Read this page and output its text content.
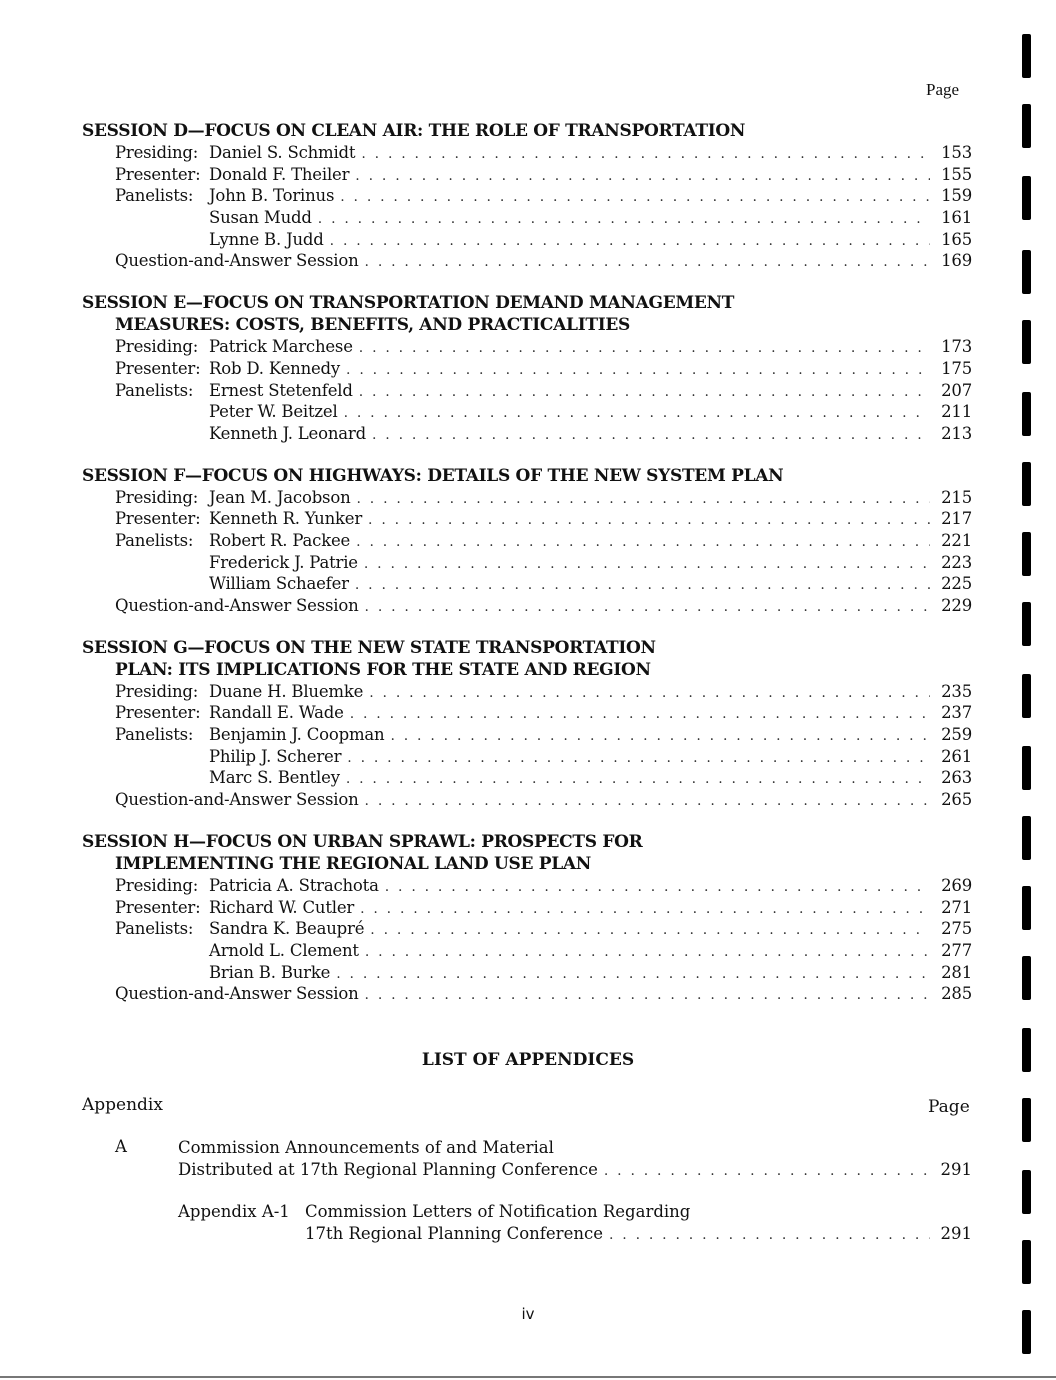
Page
SESSION D—FOCUS ON CLEAN AIR: THE ROLE OF TRANSPORTATION
Presiding: Daniel S. Schmidt . . .	153
Presenter: Donald F. Theiler . . .	155
Panelists: John B. Torinus . . .	159
Susan Mudd . . .	161
Lynne B. Judd . . .	165
Question-and-Answer Session . . .	169
SESSION E—FOCUS ON TRANSPORTATION DEMAND MANAGEMENT
MEASURES: COSTS, BENEFITS, AND PRACTICALITIES
Presiding: Patrick Marchese . . .	173
Presenter: Rob D. Kennedy . . .	175
Panelists: Ernest Stetenfeld . . .	207
Peter W. Beitzel . . .	211
Kenneth J. Leonard . . .	213
SESSION F—FOCUS ON HIGHWAYS: DETAILS OF THE NEW SYSTEM PLAN
Presiding: Jean M. Jacobson . . .	215
Presenter: Kenneth R. Yunker . . .	217
Panelists: Robert R. Packee . . .	221
Frederick J. Patrie . . .	223
William Schaefer . . .	225
Question-and-Answer Session . . .	229
SESSION G—FOCUS ON THE NEW STATE TRANSPORTATION
PLAN: ITS IMPLICATIONS FOR THE STATE AND REGION
Presiding: Duane H. Bluemke . . .	235
Presenter: Randall E. Wade . . .	237
Panelists: Benjamin J. Coopman . . .	259
Philip J. Scherer . . .	261
Marc S. Bentley . . .	263
Question-and-Answer Session . . .	265
SESSION H—FOCUS ON URBAN SPRAWL: PROSPECTS FOR
IMPLEMENTING THE REGIONAL LAND USE PLAN
Presiding: Patricia A. Strachota . . .	269
Presenter: Richard W. Cutler . . .	271
Panelists: Sandra K. Beaupré . . .	275
Arnold L. Clement . . .	277
Brian B. Burke . . .	281
Question-and-Answer Session . . .	285
LIST OF APPENDICES
Appendix	Page
A	Commission Announcements of and Material
Distributed at 17th Regional Planning Conference . . .	291
Appendix A-1 Commission Letters of Notification Regarding
17th Regional Planning Conference . . .	291
iv
